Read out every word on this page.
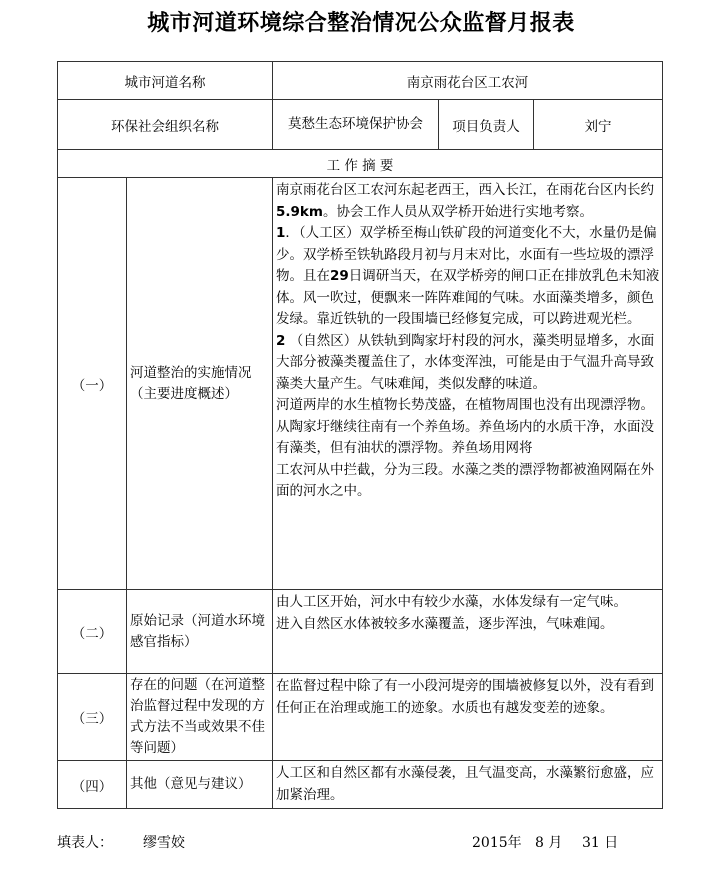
城市河道环境综合整治情况公众监督月报表
城市河道名称		南京雨花台区工农河		
环保社会组织名称		莫愁生态环境保护协会	项目负责人	刘宁
工 作 摘 要				
（一）	河道整治的实施情况（主要进度概述）	南京雨花台区工农河东起老西王，西入长江，在雨花台区内长约5.9km。协会工作人员从双学桥开始进行实地考察。

1．（人工区）双学桥至梅山铁矿段的河道变化不大，水量仍是偏少。双学桥至铁轨路段月初与月末对比，水面有一些垃圾的漂浮物。且在29日调研当天，在双学桥旁的闸口正在排放乳色未知液体。风一吹过，便飘来一阵阵难闻的气味。水面藻类增多，颜色发绿。靠近铁轨的一段围墙已经修复完成，可以跨进观光栏。

2 （自然区）从铁轨到陶家圩村段的河水，藻类明显增多，水面大部分被藻类覆盖住了，水体变浑浊，可能是由于气温升高导致藻类大量产生。气味难闻，类似发酵的味道。

河道两岸的水生植物长势茂盛，在植物周围也没有出现漂浮物。从陶家圩继续往南有一个养鱼场。养鱼场内的水质干净，水面没有藻类，但有油状的漂浮物。养鱼场用网将

工农河从中拦截，分为三段。水藻之类的漂浮物都被渔网隔在外面的河水之中。		

（二）	原始记录（河道水环境感官指标）	由人工区开始，河水中有较少水藻，水体发绿有一定气味。

进入自然区水体被较多水藻覆盖，逐步浑浊，气味难闻。		

（三）	存在的问题（在河道整治监督过程中发现的方式方法不当或效果不佳等问题）	在监督过程中除了有一小段河堤旁的围墙被修复以外，没有看到任何正在治理或施工的迹象。水质也有越发变差的迹象。		

（四）	其他（意见与建议）	人工区和自然区都有水藻侵袭，且气温变高，水藻繁衍愈盛，应加紧治理。		

填表人： 缪雪姣	2015年 8 月 31 日
